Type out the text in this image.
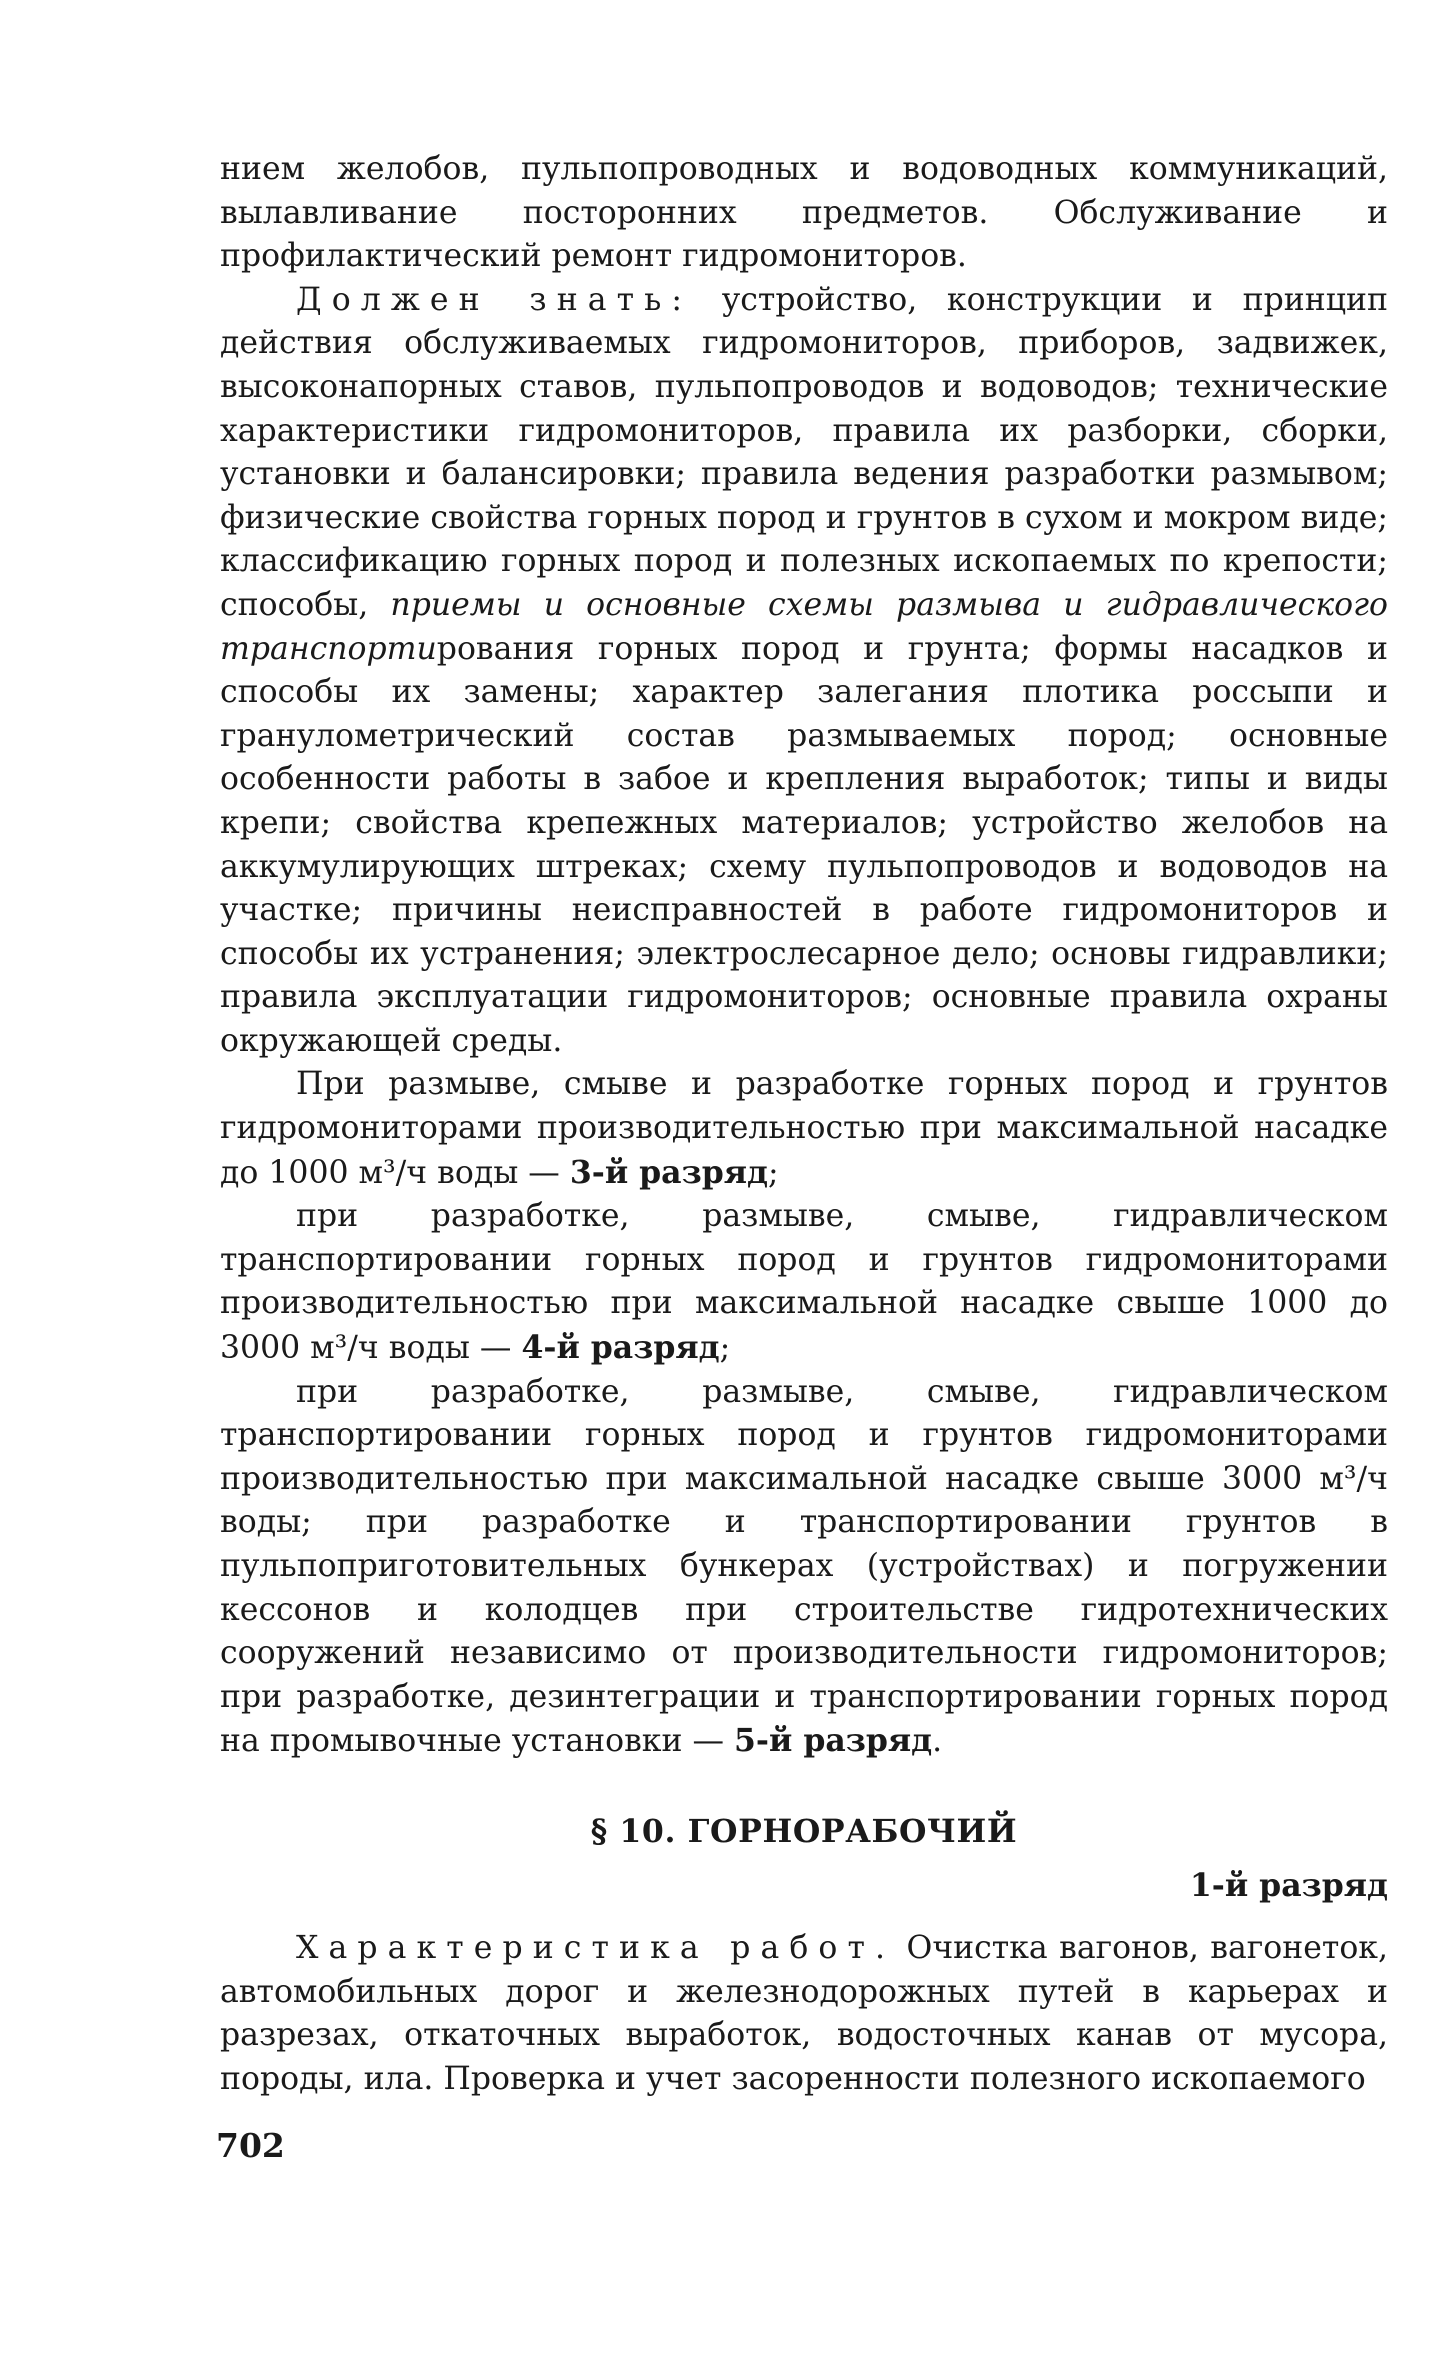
нием желобов, пульпопроводных и водоводных коммуникаций, вылавливание посторонних предметов. Обслуживание и профилактический ремонт гидромониторов.

Должен знать: устройство, конструкции и принцип действия обслуживаемых гидромониторов, приборов, задвижек, высоконапорных ставов, пульпопроводов и водоводов; технические характеристики гидромониторов, правила их разборки, сборки, установки и балансировки; правила ведения разработки размывом; физические свойства горных пород и грунтов в сухом и мокром виде; классификацию горных пород и полезных ископаемых по крепости; способы, приемы и основные схемы размыва и гидравлического транспортирования горных пород и грунта; формы насадков и способы их замены; характер залегания плотика россыпи и гранулометрический состав размываемых пород; основные особенности работы в забое и крепления выработок; типы и виды крепи; свойства крепежных материалов; устройство желобов на аккумулирующих штреках; схему пульпопроводов и водоводов на участке; причины неисправностей в работе гидромониторов и способы их устранения; электрослесарное дело; основы гидравлики; правила эксплуатации гидромониторов; основные правила охраны окружающей среды.

При размыве, смыве и разработке горных пород и грунтов гидромониторами производительностью при максимальной насадке до 1000 м³/ч воды — 3-й разряд;

при разработке, размыве, смыве, гидравлическом транспортировании горных пород и грунтов гидромониторами производительностью при максимальной насадке свыше 1000 до 3000 м³/ч воды — 4-й разряд;

при разработке, размыве, смыве, гидравлическом транспортировании горных пород и грунтов гидромониторами производительностью при максимальной насадке свыше 3000 м³/ч воды; при разработке и транспортировании грунтов в пульпоприготовительных бункерах (устройствах) и погружении кессонов и колодцев при строительстве гидротехнических сооружений независимо от производительности гидромониторов; при разработке, дезинтеграции и транспортировании горных пород на промывочные установки — 5-й разряд.

§ 10. ГОРНОРАБОЧИЙ

1-й разряд

Характеристика работ. Очистка вагонов, вагонеток, автомобильных дорог и железнодорожных путей в карьерах и разрезах, откаточных выработок, водосточных канав от мусора, породы, ила. Проверка и учет засоренности полезного ископаемого

702
